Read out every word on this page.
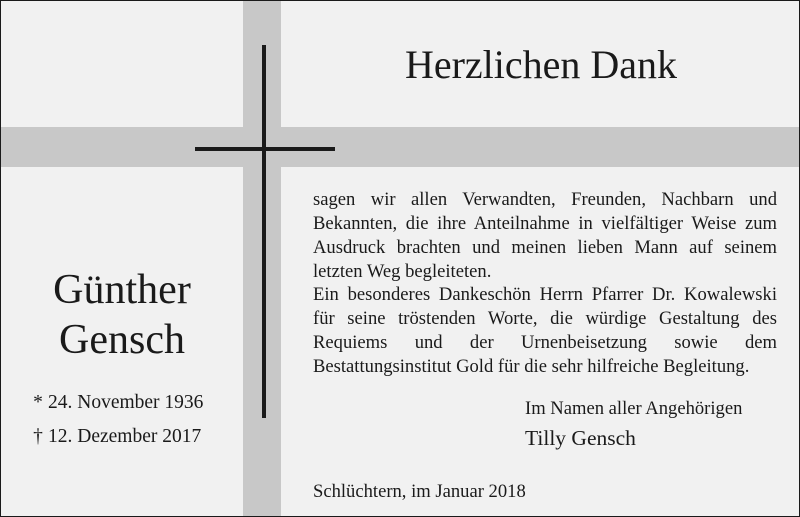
Herzlichen Dank
Günther
Gensch
* 24. November 1936
† 12. Dezember 2017

sagen wir allen Verwandten, Freunden, Nachbarn und Bekannten, die ihre Anteilnahme in vielfältiger Weise zum Ausdruck brachten und meinen lieben Mann auf seinem letzten Weg begleiteten.

Ein besonderes Dankeschön Herrn Pfarrer Dr. Kowalewski für seine tröstenden Worte, die würdige Gestaltung des Requiems und der Urnenbeisetzung sowie dem Bestattungsinstitut Gold für die sehr hilfreiche Begleitung.

Im Namen aller Angehörigen
Tilly Gensch
Schlüchtern, im Januar 2018
